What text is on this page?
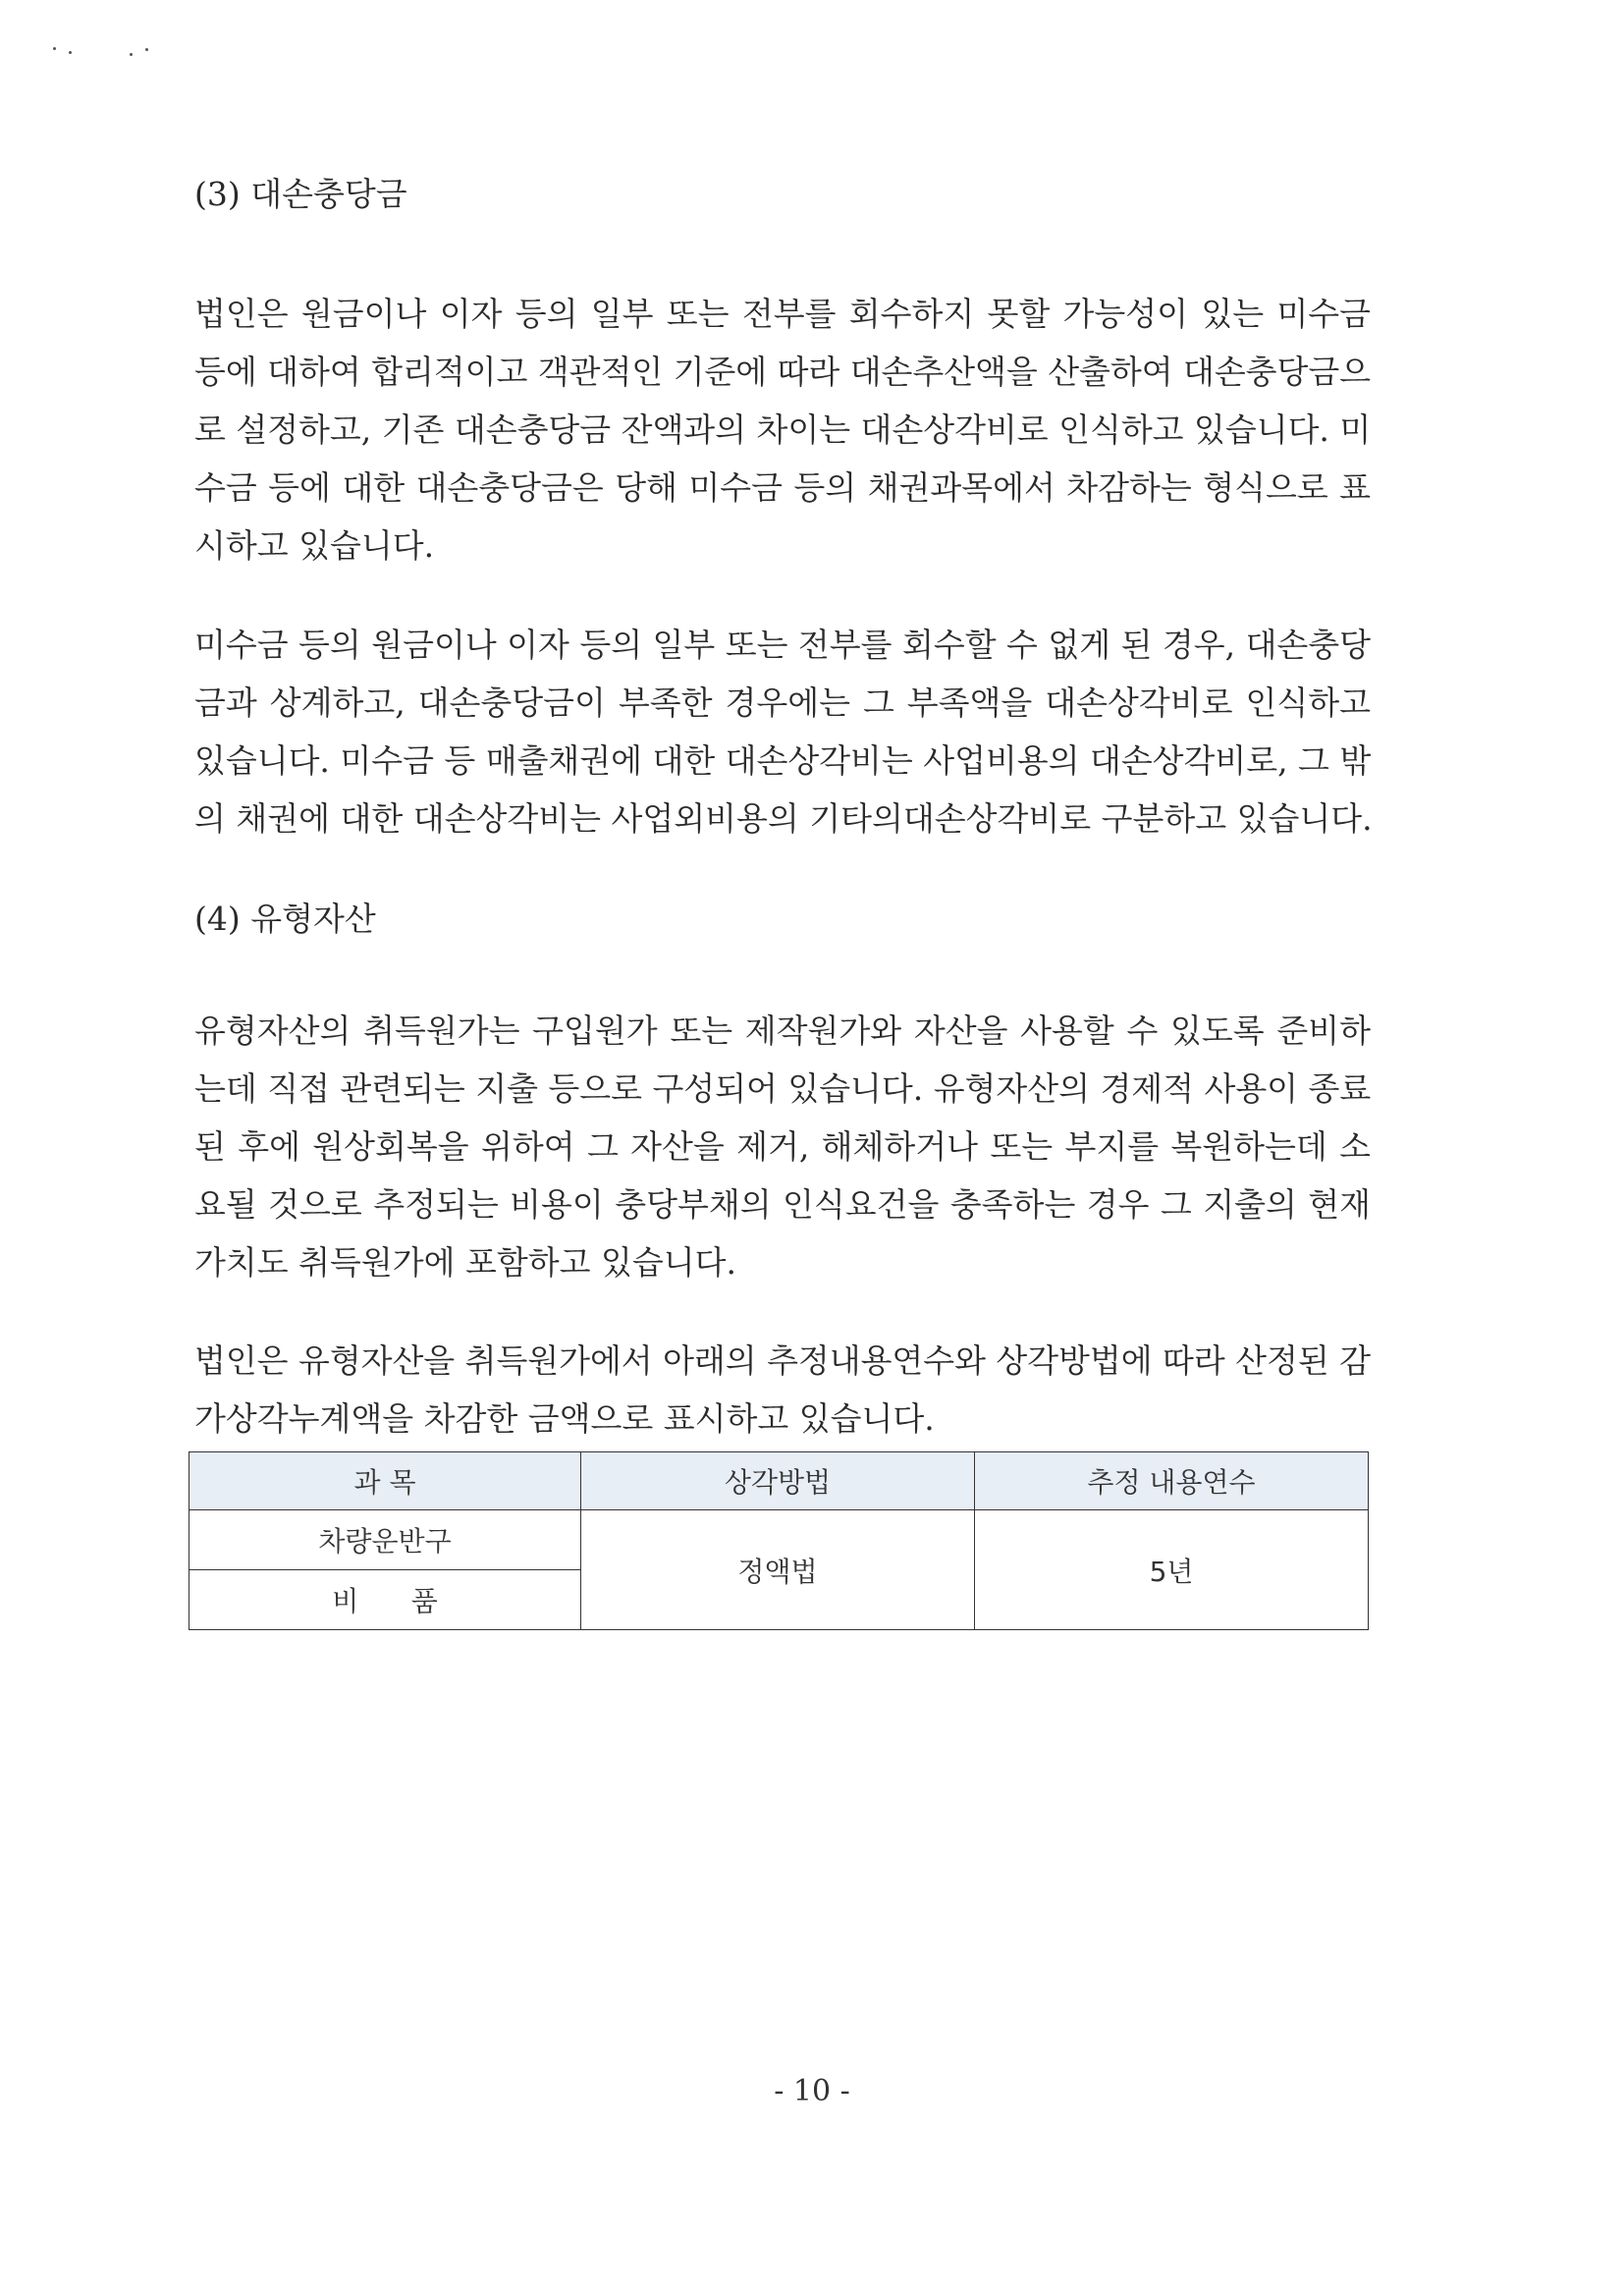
(3) 대손충당금
법인은 원금이나 이자 등의 일부 또는 전부를 회수하지 못할 가능성이 있는 미수금
등에 대하여 합리적이고 객관적인 기준에 따라 대손추산액을 산출하여 대손충당금으
로 설정하고, 기존 대손충당금 잔액과의 차이는 대손상각비로 인식하고 있습니다. 미
수금 등에 대한 대손충당금은 당해 미수금 등의 채권과목에서 차감하는 형식으로 표
시하고 있습니다.
미수금 등의 원금이나 이자 등의 일부 또는 전부를 회수할 수 없게 된 경우, 대손충당
금과 상계하고, 대손충당금이 부족한 경우에는 그 부족액을 대손상각비로 인식하고
있습니다. 미수금 등 매출채권에 대한 대손상각비는 사업비용의 대손상각비로, 그 밖
의 채권에 대한 대손상각비는 사업외비용의 기타의대손상각비로 구분하고 있습니다.
(4) 유형자산
유형자산의 취득원가는 구입원가 또는 제작원가와 자산을 사용할 수 있도록 준비하
는데 직접 관련되는 지출 등으로 구성되어 있습니다. 유형자산의 경제적 사용이 종료
된 후에 원상회복을 위하여 그 자산을 제거, 해체하거나 또는 부지를 복원하는데 소
요될 것으로 추정되는 비용이 충당부채의 인식요건을 충족하는 경우 그 지출의 현재
가치도 취득원가에 포함하고 있습니다.
법인은 유형자산을 취득원가에서 아래의 추정내용연수와 상각방법에 따라 산정된 감
가상각누계액을 차감한 금액으로 표시하고 있습니다.
과 목	상각방법	추정 내용연수
차량운반구	정액법	5년
비      품		
- 10 -
